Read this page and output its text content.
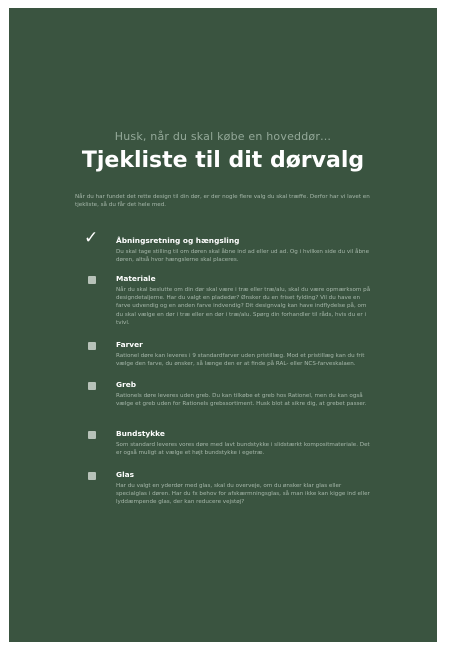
Husk, når du skal købe en hoveddør…
Tjekliste til dit dørvalg
Når du har fundet det rette design til din dør, er der nogle flere valg du skal træffe. Derfor har vi lavet en tjekliste, så du får det hele med.
✓ Åbningsretning og hængsling
Du skal tage stilling til om døren skal åbne ind ad eller ud ad. Og i hvilken side du vil åbne døren, altså hvor hængslerne skal placeres.
Materiale
Når du skal beslutte om din dør skal være i træ eller træ/alu, skal du være opmærksom på designdetaljerne. Har du valgt en pladedør? Ønsker du en friset fylding? Vil du have en farve udvendig og en anden farve indvendig? Dit designvalg kan have indflydelse på, om du skal vælge en dør i træ eller en dør i træ/alu. Spørg din forhandler til råds, hvis du er i tvivl.
Farver
Rationel døre kan leveres i 9 standardfarver uden pristillæg. Mod et pristillæg kan du frit vælge den farve, du ønsker, så længe den er at finde på RAL- eller NCS-farveskalaen.
Greb
Rationels døre leveres uden greb. Du kan tilkøbe et greb hos Rationel, men du kan også vælge et greb uden for Rationels grebssortiment. Husk blot at sikre dig, at grebet passer.
Bundstykke
Som standard leveres vores døre med lavt bundstykke i slidstærkt kompositmateriale. Det er også muligt at vælge et højt bundstykke i egetræ.
Glas
Har du valgt en yderdør med glas, skal du overveje, om du ønsker klar glas eller specialglas i døren. Har du fx behov for afskærmningsglas, så man ikke kan kigge ind eller lyddæmpende glas, der kan reducere vejstøj?
